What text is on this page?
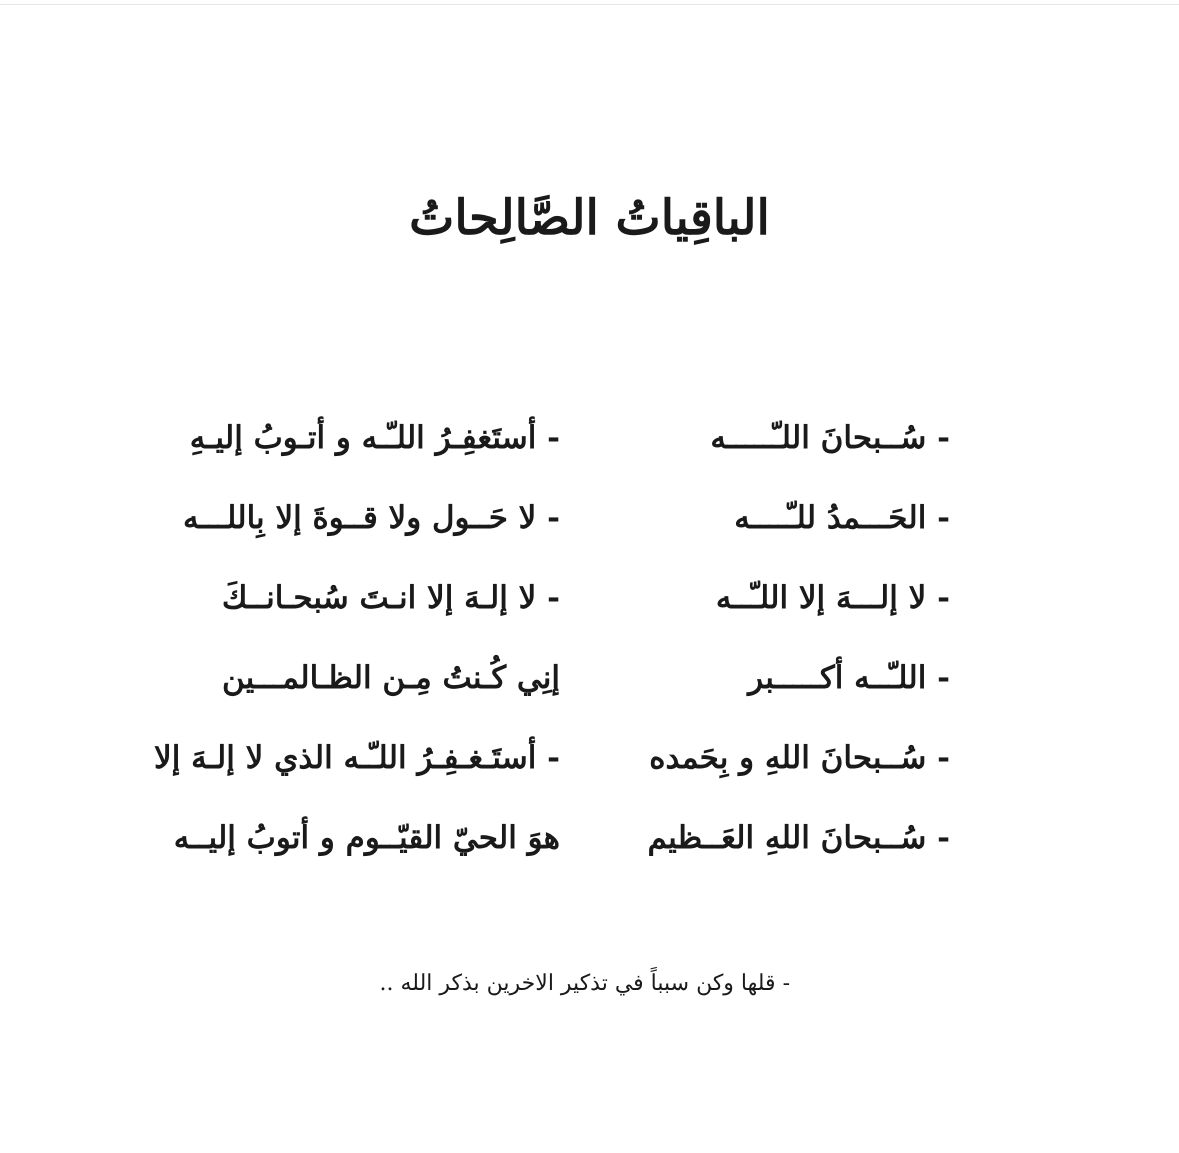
الباقِياتُ الصَّالِحاتُ
- سُــبحانَ اللـّـــــه
- الحَـــمدُ للـّــــه
- لا إلـــهَ إلا اللـّــه
- اللـّــه أكـــــبر
- سُــبحانَ اللهِ و بِحَمده
- سُــبحانَ اللهِ العَــظيم
- أستَغفِـرُ اللـّـه و أتـوبُ إليـهِ
- لا حَــول ولا قــوةَ إلا بِاللـــه
- لا إلـهَ إلا انـتَ سُبحـانــكَ
إنِي كُـنتُ مِـن الظـالمـــين
- أستَـغـفِـرُ اللـّـه الذي لا إلـهَ إلا
هوَ الحيّ القيّــوم و أتوبُ إليــه
- قلها وكن سبباً في تذكير الاخرين بذكر الله ..
